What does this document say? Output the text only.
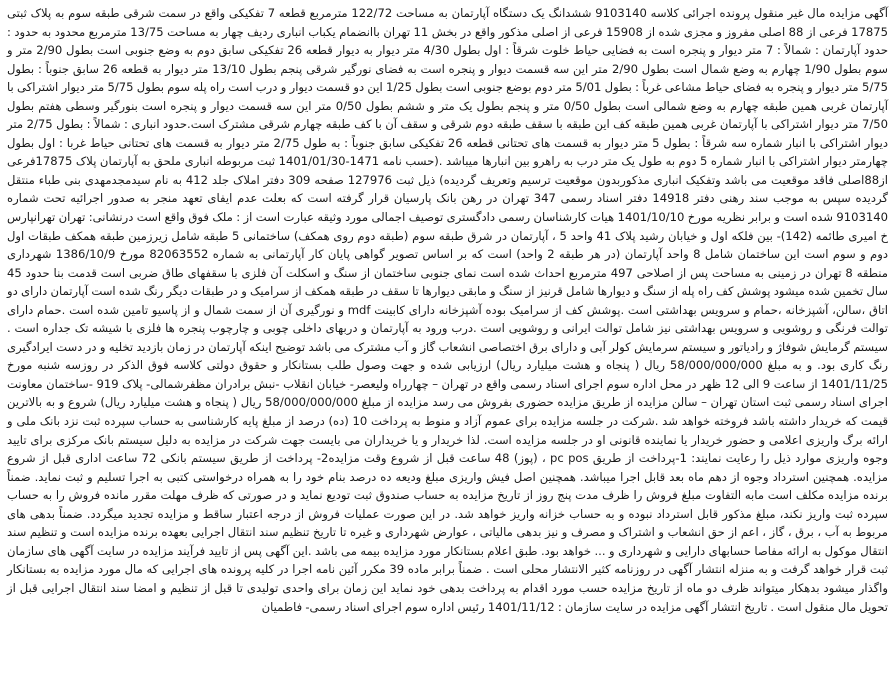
آگهی مزایده مال غیر منقول پرونده اجرائی کلاسه 9103140 ششدانگ یک دستگاه آپارتمان به مساحت 122/72 مترمربع قطعه 7 تفکیکی واقع در سمت شرقی طبقه سوم به پلاک ثبتی 17875 فرعی از 88 اصلی مفروز و مجزی شده از 15908 فرعی از اصلی مذکور واقع در بخش 11 تهران باانضمام یکباب انباری ردیف چهار به مساحت 13/75 مترمربع محدود به حدود : حدود آپارتمان : شمالاً : 7 متر دیوار و پنجره است به فضایی حیاط خلوت شرقاً : اول بطول 4/30 متر دیوار به دیوار قطعه 26 تفکیکی سابق دوم به وضع جنوبی است بطول 2/90 متر و سوم بطول 1/90 چهارم به وضع شمال است بطول 2/90 متر این سه قسمت دیوار و پنجره است به فضای نورگیر شرقی پنجم بطول 13/10 متر دیوار به قطعه 26 سابق جنوباً : بطول 5/75 متر دیوار و پنجره به فضای حیاط مشاعی غرباً : بطول 5/01 متر دوم بوضع جنوبی است بطول 1/25 این دو قسمت دیوار و درب است راه پله سوم بطول 5/75 متر دیوار اشتراکی با آپارتمان غربی همین طبقه چهارم به وضع شمالی است بطول 0/50 متر و پنجم بطول یک متر و ششم بطول 0/50 متر این سه قسمت دیوار و پنجره است بنورگیر وسطی هفتم بطول 7/50 متر دیوار اشتراکی با آپارتمان غربی همین طبقه کف این طبقه با سقف طبقه دوم شرقی و سقف آن با کف طبقه چهارم شرقی مشترک است.حدود انباری : شمالاً : بطول 2/75 متر دیوار اشتراکی با انبار شماره سه شرقاً : بطول 5 متر دیوار به قسمت های تحتانی قطعه 26 تفکیکی سابق جنوباً : به طول 2/75 متر دیوار به قسمت های تحتانی حیاط غربا : اول بطول چهارمتر دیوار اشتراکی با انبار شماره 5 دوم به طول یک متر درب به راهرو بین انبارها میباشد .(حسب نامه 1471-1401/01/30 ثبت مربوطه انباری ملحق به آپارتمان پلاک 17875فرعی از88اصلی فاقد موقعیت می باشد وتفکیک انباری مذکوربدون موقعیت ترسیم وتعریف گردیده) ذیل ثبت 127976 صفحه 309 دفتر املاک جلد 412 به نام سیدمجدمهدی بنی طباء منتقل گردیده سپس به موجب سند رهنی دفتر 14918 دفتر اسناد رسمی 347 تهران در رهن بانک پارسیان قرار گرفته است که بعلت عدم ایفای تعهد منجر به صدور اجرائیه تحت شماره 9103140 شده است و برابر نظریه مورخ 1401/10/10 هیات کارشناسان رسمی دادگستری توصیف اجمالی مورد وثیقه عبارت است از : ملک فوق واقع است درنشانی: تهران تهرانپارس خ امیری طائمه (142)- بین فلکه اول و خیابان رشید پلاک 41 واحد 5 ، آپارتمان در شرق طبقه سوم (طبقه دوم روی همکف) ساختمانی 5 طبقه شامل زیرزمین طبقه همکف طبقات اول دوم و سوم است این ساختمان شامل 8 واحد آپارتمان (در هر طبقه 2 واحد) است که بر اساس تصویر گواهی پایان کار آپارتمانی به شماره 82063552 مورخ 1386/10/9 شهرداری منطقه 8 تهران در زمینی به مساحت پس از اصلاحی 497 مترمربع احداث شده است نمای جنوبی ساختمان از سنگ و اسکلت آن فلزی با سقفهای طاق ضربی است قدمت بنا حدود 45 سال تخمین شده میشود پوشش کف راه پله از سنگ و دیوارها شامل قرنیز از سنگ و مابقی دیوارها تا سقف در طبقه همکف از سرامیک و در طبقات دیگر رنگ شده است آپارتمان دارای دو اتاق ،سالن، آشپزخانه ،حمام و سرویس بهداشتی است .پوشش کف از سرامیک بوده آشپزخانه دارای کابینت mdf و نورگیری آن از سمت شمال و از پاسیو تامین شده است .حمام دارای توالت فرنگی و روشویی و سرویس بهداشتی نیز شامل توالت ایرانی و روشویی است .درب ورود به آپارتمان و دربهای داخلی چوبی و چارچوب پنجره ها فلزی با شیشه تک جداره است . سیستم گرمایش شوفاژ و رادیاتور و سیستم سرمایش کولر آبی و دارای برق اختصاصی انشعاب گاز و آب مشترک می باشد توضیح اینکه آپارتمان در زمان بازدید تخلیه و در دست ایرادگیری رنگ کاری بود. و به مبلغ 58/000/000/000 ریال ( پنجاه و هشت میلیارد ریال) ارزیابی شده و جهت وصول طلب بستانکار و حقوق دولتی کلاسه فوق الذکر در روزسه شنبه مورخ 1401/11/25 از ساعت 9 الی 12 ظهر در محل اداره سوم اجرای اسناد رسمی واقع در تهران – چهارراه ولیعصر- خیابان انقلاب -نبش برادران مظفرشمالی- پلاک 919 -ساختمان معاونت اجرای اسناد رسمی ثبت استان تهران – سالن مزایده از طریق مزایده حضوری بفروش می رسد مزایده از مبلغ 58/000/000/000 ریال ( پنجاه و هشت میلیارد ریال) شروع و به بالاترین قیمت که خریدار داشته باشد فروخته خواهد شد .شرکت در جلسه مزایده برای عموم آزاد و منوط به پرداخت 10 (ده) درصد از مبلغ پایه کارشناسی به حساب سپرده ثبت نزد بانک ملی و ارائه برگ واریزی اعلامی و حضور خریدار یا نماینده قانونی او در جلسه مزایده است. لذا خریدار و یا خریداران می بایست جهت شرکت در مزایده به دلیل سیستم بانک مرکزی برای تایید وجوه واریزی موارد ذیل را رعایت نمایند: 1-پرداخت از طریق pc pos ، (پوز) 48 ساعت قبل از شروع وقت مزایده2- پرداخت از طریق سیستم بانکی 72 ساعت اداری قبل از شروع مزایده. همچنین استرداد وجوه از دهم ماه بعد قابل اجرا میباشد. همچنین اصل فیش واریزی مبلغ ودیعه ده درصد بنام خود را به همراه درخواستی کتبی به اجرا تسلیم و ثبت نماید. ضمناً برنده مزایده مکلف است مابه التفاوت مبلغ فروش را ظرف مدت پنج روز از تاریخ مزایده به حساب صندوق ثبت تودیع نماید و در صورتی که ظرف مهلت مقرر مانده فروش را به حساب سپرده ثبت واریز نکند، مبلغ مذکور قابل استرداد نبوده و به حساب خزانه واریز خواهد شد. در این صورت عملیات فروش از درجه اعتبار ساقط و مزایده تجدید میگردد. ضمناً بدهی های مربوط به آب ، برق ، گاز ، اعم از حق انشعاب و اشتراک و مصرف و نیز بدهی مالیاتی ، عوارض شهرداری و غیره تا تاریخ تنظیم سند انتقال اجرایی بعهده برنده مزایده است و تنظیم سند انتقال موکول به ارائه مفاصا حسابهای دارایی و شهرداری و ... خواهد بود. طبق اعلام بستانکار مورد مزایده بیمه می باشد .این آگهی پس از تایید فرآیند مزایده در سایت آگهی های سازمان ثبت قرار خواهد گرفت و به منزله انتشار آگهی در روزنامه کثیر الانتشار محلی است . ضمناً برابر ماده 39 مکرر آئین نامه اجرا در کلیه پرونده های اجرایی که مال مورد مزایده به بستانکار واگذار میشود بدهکار میتواند ظرف دو ماه از تاریخ مزایده حسب مورد اقدام به پرداخت بدهی خود نماید این زمان برای واحدی تولیدی تا قبل از تنظیم و امضا سند انتقال اجرایی قبل از تحویل مال منقول است . تاریخ انتشار آگهی مزایده در سایت سازمان : 1401/11/12 رئیس اداره سوم اجرای اسناد رسمی- فاطمیان
